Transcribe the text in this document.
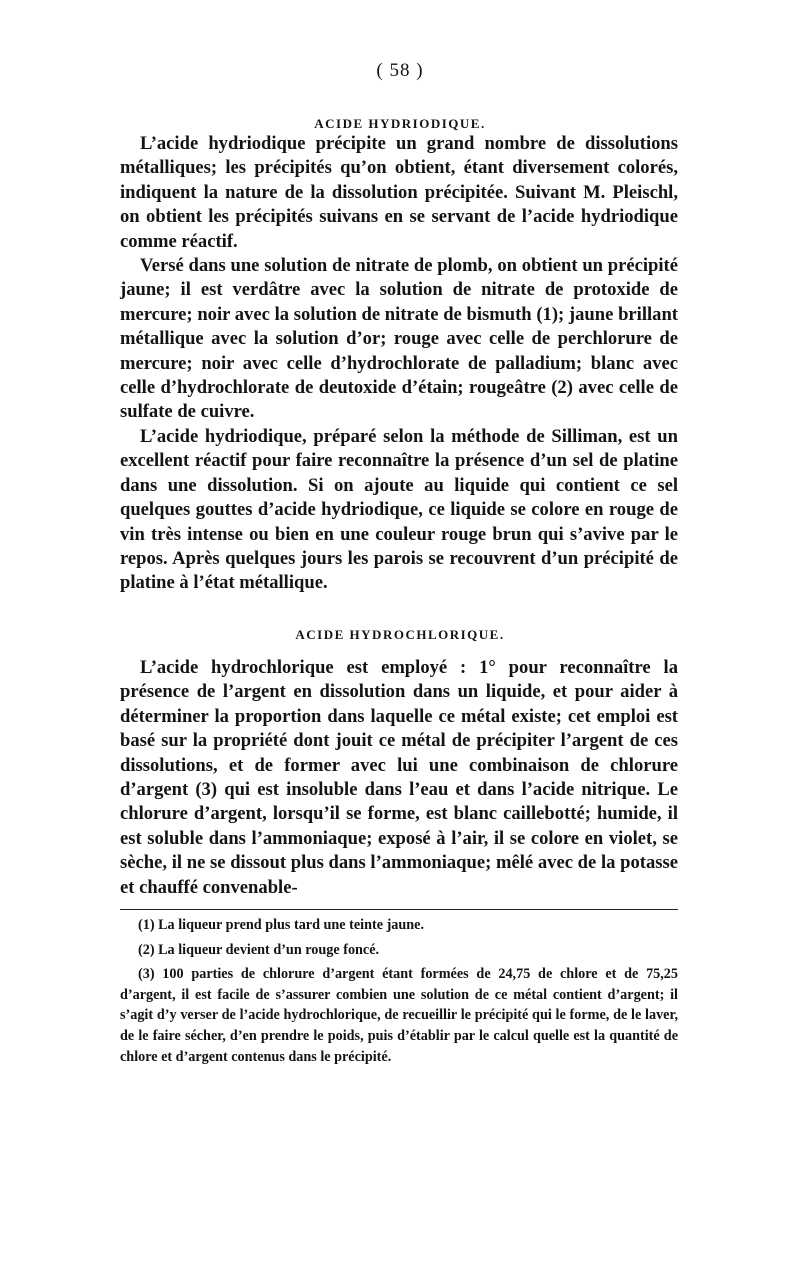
( 58 )
ACIDE HYDRIODIQUE.

L’acide hydriodique précipite un grand nombre de dissolutions métalliques; les précipités qu’on obtient, étant diversement colorés, indiquent la nature de la dissolution précipitée. Suivant M. Pleischl, on obtient les précipités suivans en se servant de l’acide hydriodique comme réactif.

Versé dans une solution de nitrate de plomb, on obtient un précipité jaune; il est verdâtre avec la solution de nitrate de protoxide de mercure; noir avec la solution de nitrate de bismuth (1); jaune brillant métallique avec la solution d’or; rouge avec celle de perchlorure de mercure; noir avec celle d’hydrochlorate de palladium; blanc avec celle d’hydrochlorate de deutoxide d’étain; rougeâtre (2) avec celle de sulfate de cuivre.

L’acide hydriodique, préparé selon la méthode de Silliman, est un excellent réactif pour faire reconnaître la présence d’un sel de platine dans une dissolution. Si on ajoute au liquide qui contient ce sel quelques gouttes d’acide hydriodique, ce liquide se colore en rouge de vin très intense ou bien en une couleur rouge brun qui s’avive par le repos. Après quelques jours les parois se recouvrent d’un précipité de platine à l’état métallique.

ACIDE HYDROCHLORIQUE.

L’acide hydrochlorique est employé : 1° pour reconnaître la présence de l’argent en dissolution dans un liquide, et pour aider à déterminer la proportion dans laquelle ce métal existe; cet emploi est basé sur la propriété dont jouit ce métal de précipiter l’argent de ces dissolutions, et de former avec lui une combinaison de chlorure d’argent (3) qui est insoluble dans l’eau et dans l’acide nitrique. Le chlorure d’argent, lorsqu’il se forme, est blanc caillebotté; humide, il est soluble dans l’ammoniaque; exposé à l’air, il se colore en violet, se sèche, il ne se dissout plus dans l’ammoniaque; mêlé avec de la potasse et chauffé convenable-

(1) La liqueur prend plus tard une teinte jaune.

(2) La liqueur devient d’un rouge foncé.

(3) 100 parties de chlorure d’argent étant formées de 24,75 de chlore et de 75,25 d’argent, il est facile de s’assurer combien une solution de ce métal contient d’argent; il s’agit d’y verser de l’acide hydrochlorique, de recueillir le précipité qui le forme, de le laver, de le faire sécher, d’en prendre le poids, puis d’établir par le calcul quelle est la quantité de chlore et d’argent contenus dans le précipité.
